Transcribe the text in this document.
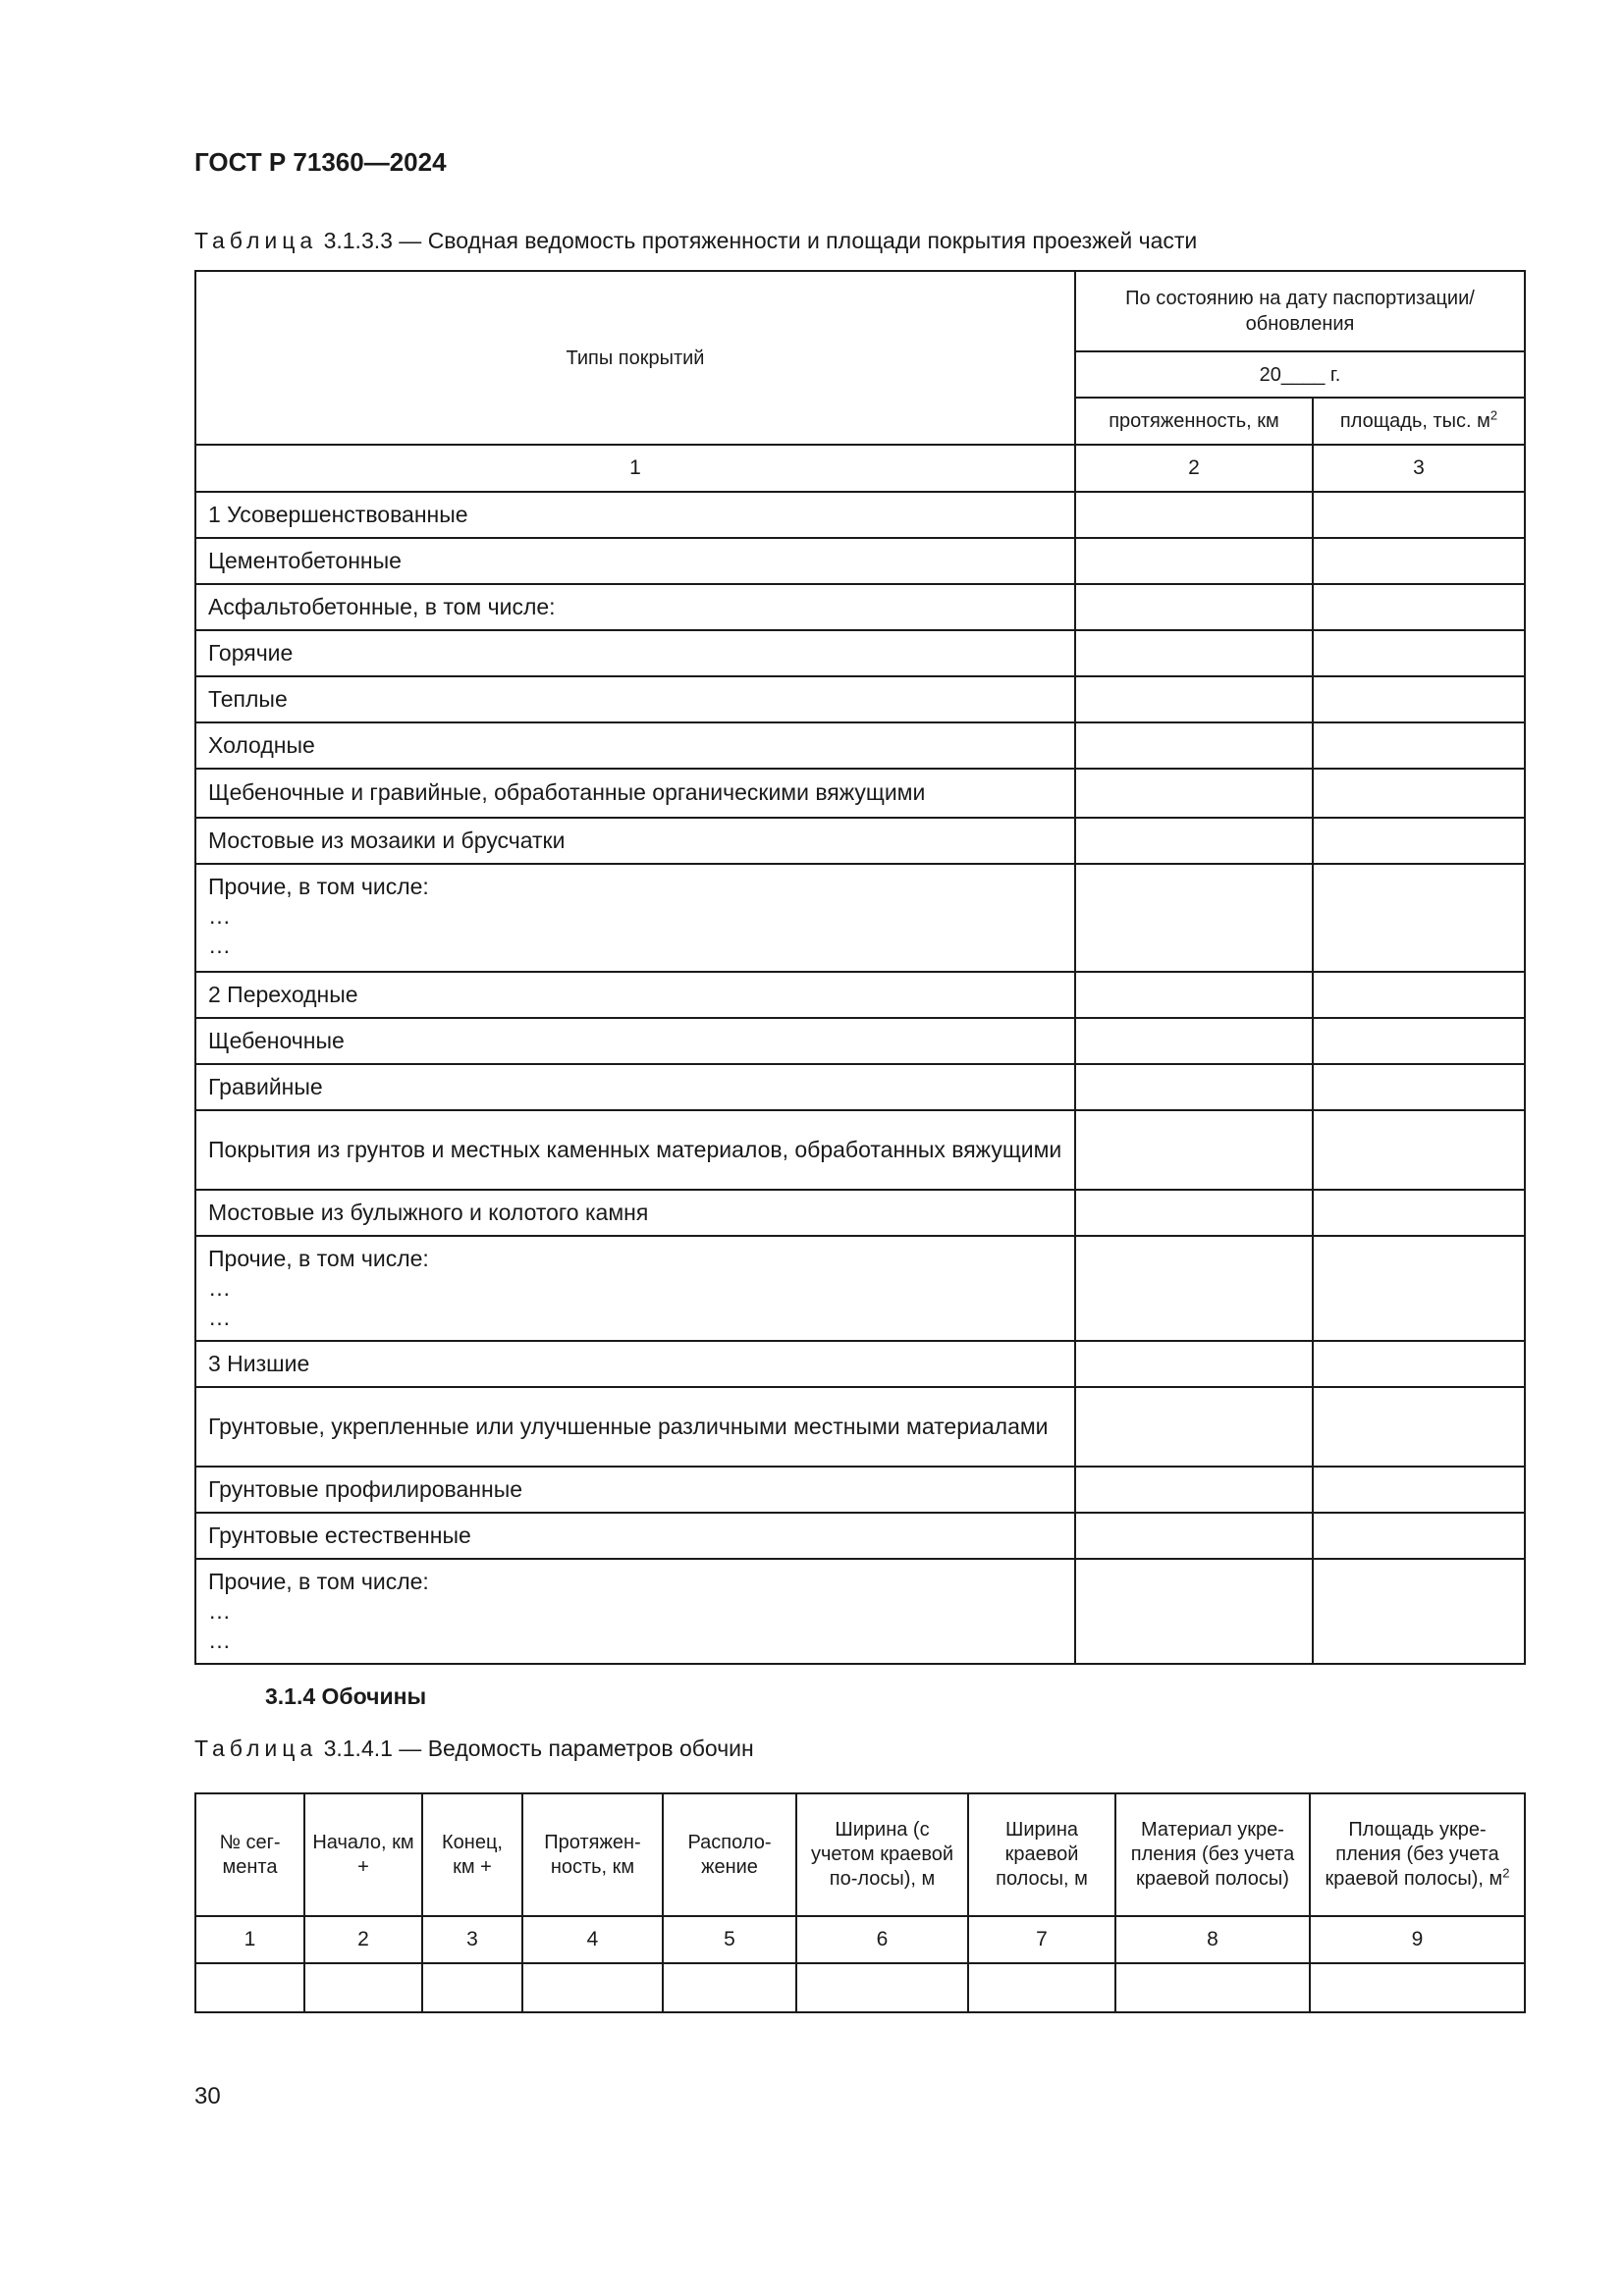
ГОСТ Р 71360—2024
Таблица 3.1.3.3 — Сводная ведомость протяженности и площади покрытия проезжей части
Типы покрытий	По состоянию на дату паспортизации/ обновления	
	20____ г.	
	протяженность, км	площадь, тыс. $м^2$
1	2	3
1 Усовершенствованные		
Цементобетонные		
Асфальтобетонные, в том числе:		
Горячие		
Теплые		
Холодные		
Щебеночные и гравийные, обработанные органическими вяжущими		
Мостовые из мозаики и брусчатки		

Прочие, в том числе:
…
…		

2 Переходные		
Щебеночные		
Гравийные		
Покрытия из грунтов и местных каменных материалов, обработанных вяжущими		
Мостовые из булыжного и колотого камня		

Прочие, в том числе:
…
…		

3 Низшие		
Грунтовые, укрепленные или улучшенные различными местными материалами		
Грунтовые профилированные		
Грунтовые естественные		

Прочие, в том числе:
…
…		

3.1.4 Обочины
Таблица 3.1.4.1 — Ведомость параметров обочин
№ сег-мента	Начало, км +	Конец, км +	Протяжен-ность, км	Располо-жение	Ширина (с учетом краевой по-лосы), м	Ширина краевой полосы, м	Материал укре-пления (без учета краевой полосы)	Площадь укре-пления (без учета краевой полосы), $м^2$
1	2	3	4	5	6	7	8	9

30
